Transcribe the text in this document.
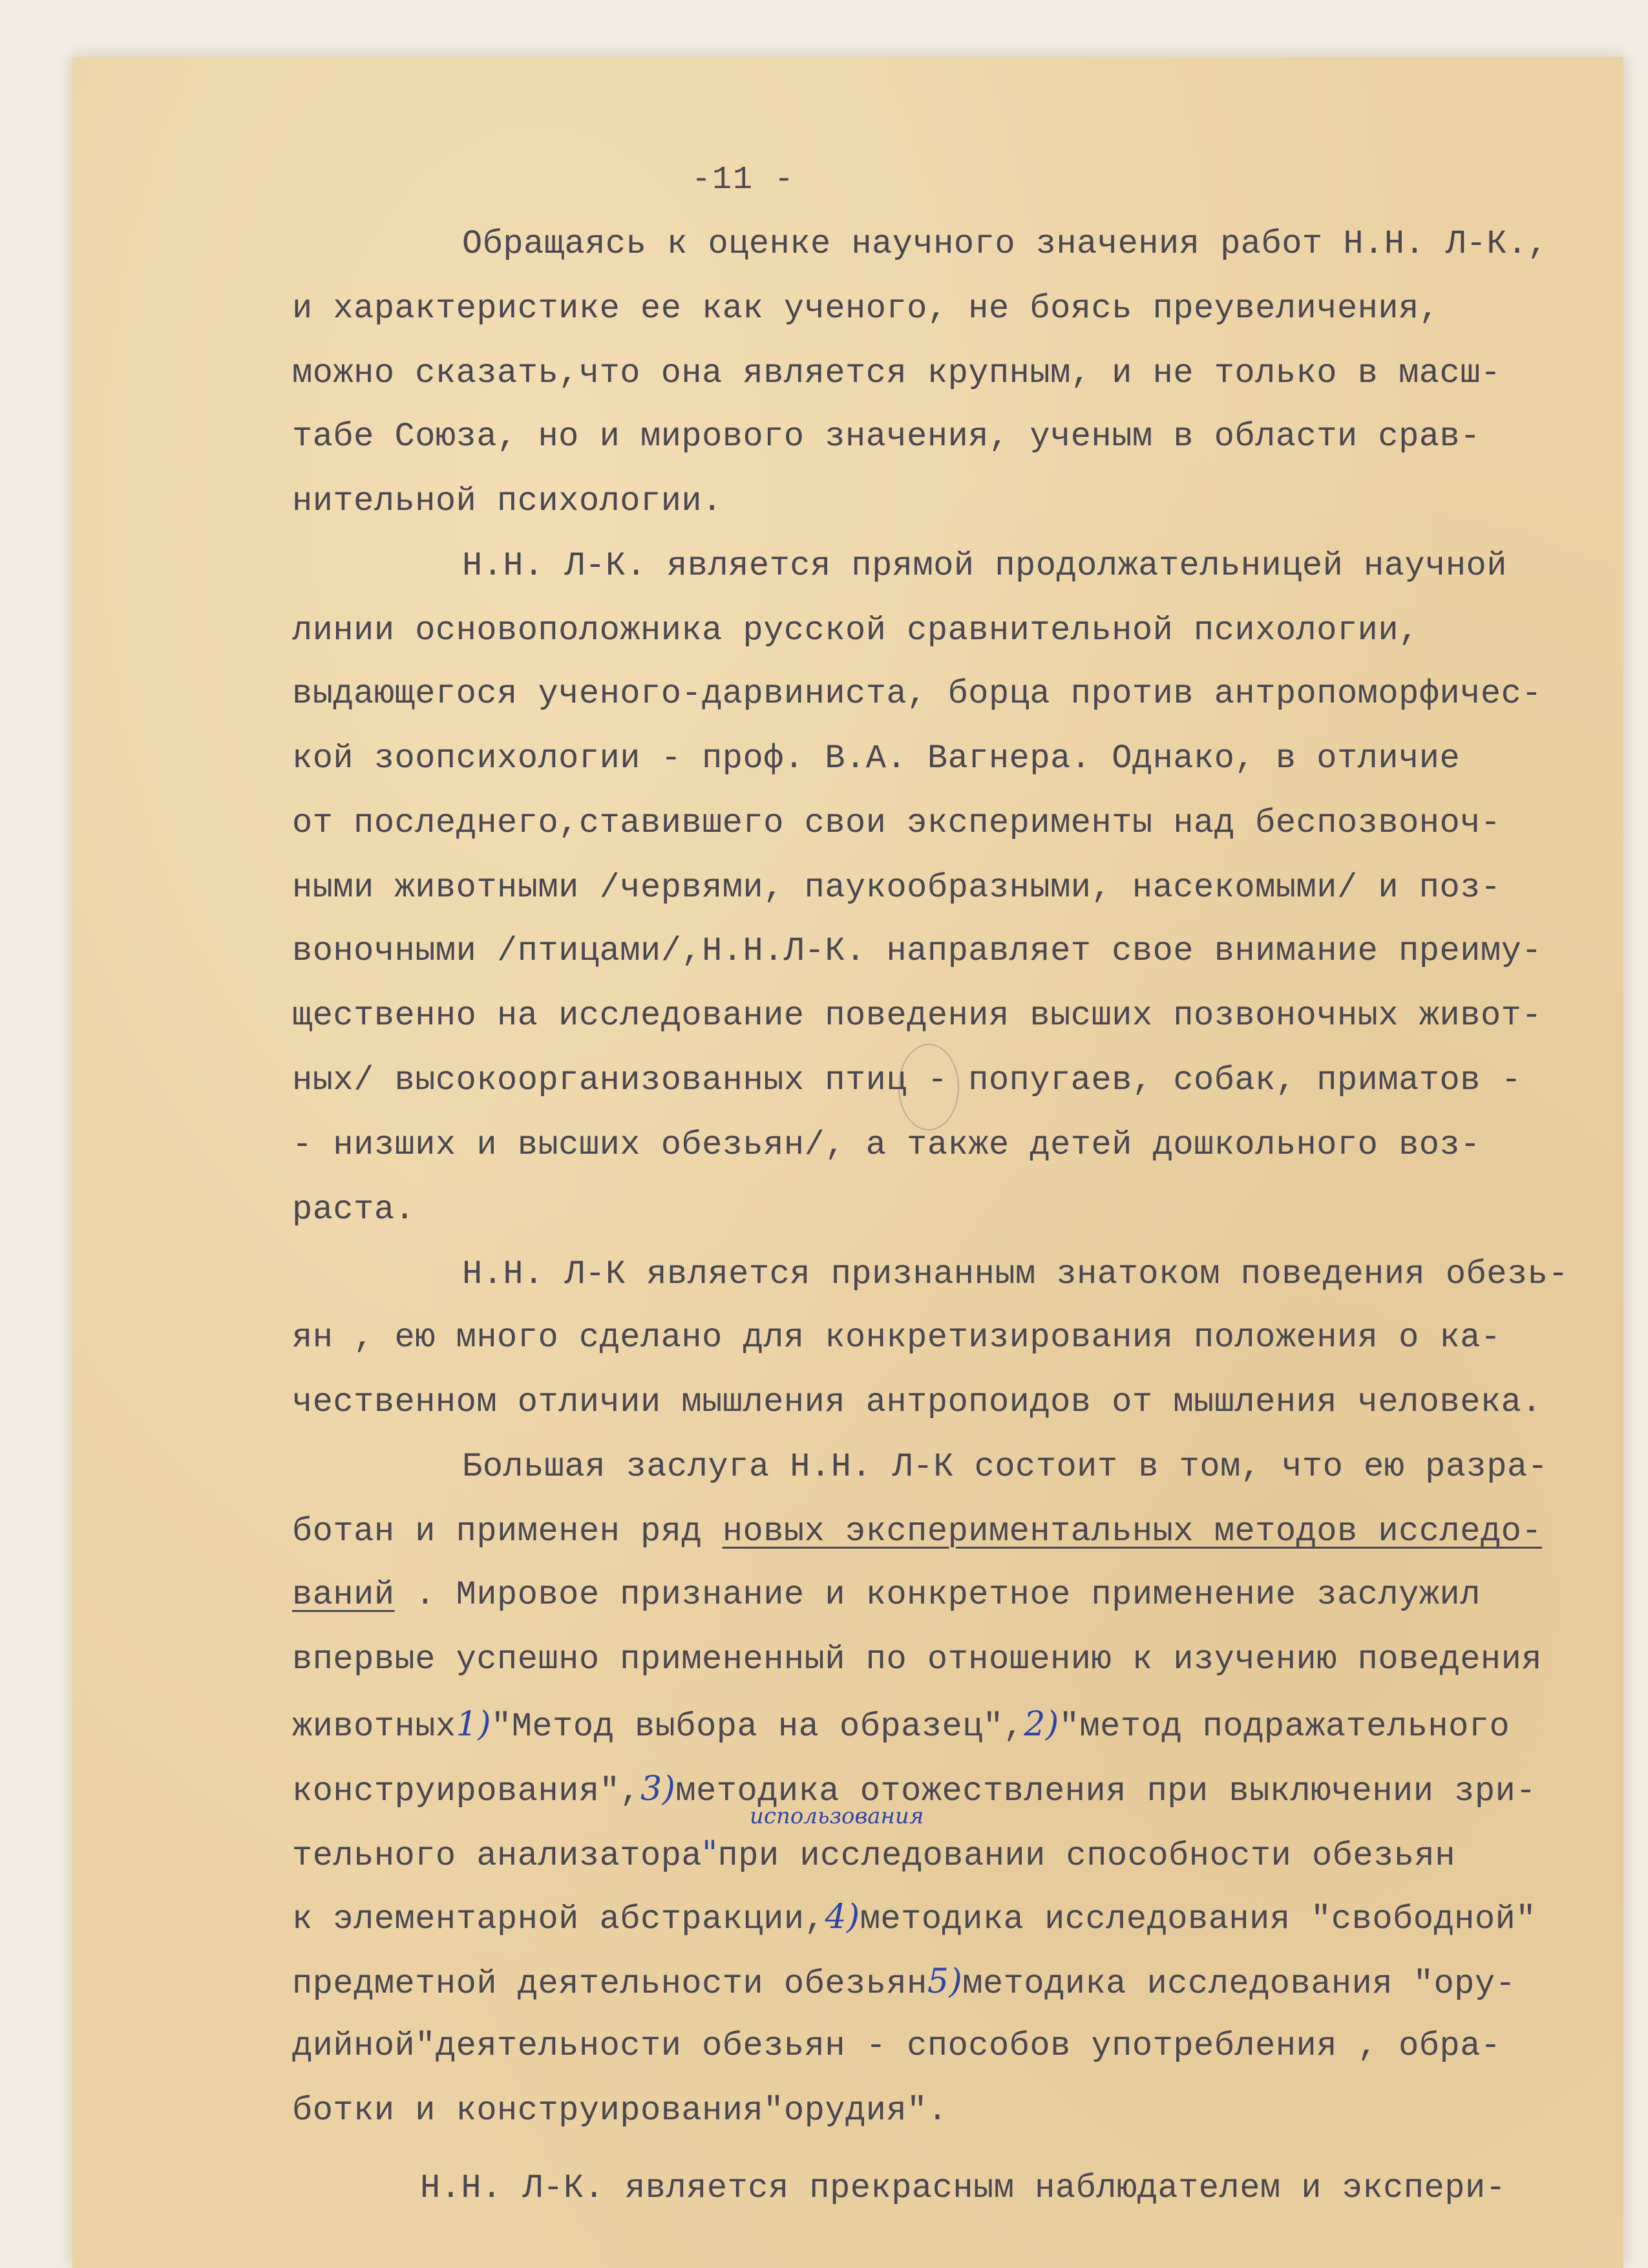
-11 -
Обращаясь к оценке научного значения работ Н.Н. Л-К.,
и характеристике ее как ученого, не боясь преувеличения,
можно сказать,что она является крупным, и не только в масш-
табе Союза, но и мирового значения, ученым в области срав-
нительной психологии.
Н.Н. Л-К. является прямой продолжательницей научной
линии основоположника русской сравнительной психологии,
выдающегося ученого-дарвиниста, борца против антропоморфичес-
кой зоопсихологии - проф. В.А. Вагнера. Однако, в отличие
от последнего,ставившего свои эксперименты над беспозвоноч-
ными животными /червями, паукообразными, насекомыми/ и поз-
воночными /птицами/,Н.Н.Л-К. направляет свое внимание преиму-
щественно на исследование поведения высших позвоночных живот-
ных/ высокоорганизованных птиц - попугаев, собак, приматов -
- низших и высших обезьян/, а также детей дошкольного воз-
раста.
Н.Н. Л-К является признанным знатоком поведения обезь-
ян , ею много сделано для конкретизирования положения о ка-
чественном отличии мышления антропоидов от мышления человека.
Большая заслуга Н.Н. Л-К состоит в том, что ею разра-
ботан и применен ряд новых экспериментальных методов исследо-
ваний . Мировое признание и конкретное применение заслужил
впервые успешно примененный по отношению к изучению поведения
животных1)"Метод выбора на образец",2)"метод подражательного
конструирования",3)методика отожествления при выключении зри-
тельного анализатора"при исследовании способности обезьян
к элементарной абстракции,4)методика исследования "свободной"
предметной деятельности обезьян5)методика исследования "ору-
дийной"деятельности обезьян - способов употребления , обра-
ботки и конструирования"орудия".
Н.Н. Л-К. является прекрасным наблюдателем и экспери-
использования
